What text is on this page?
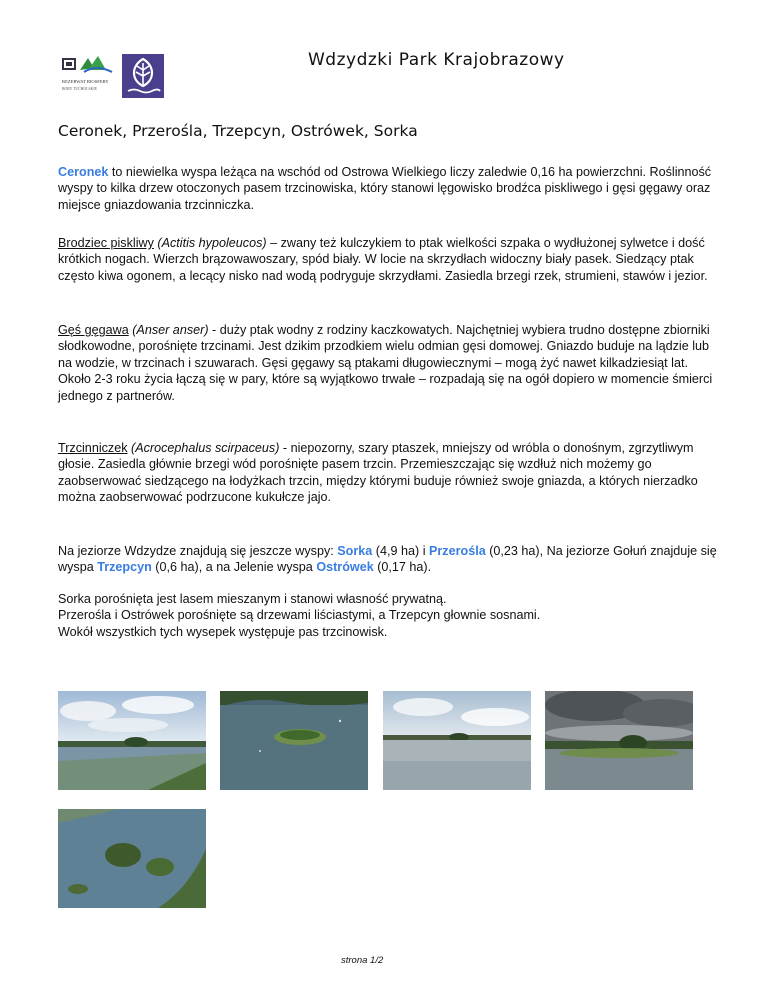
REZERWAT BIOSFERY
BORY TUCHOLSKIE
Wdzydzki Park Krajobrazowy
Ceronek, Przerośla, Trzepcyn, Ostrówek, Sorka
Ceronek to niewielka wyspa leżąca na wschód od Ostrowa Wielkiego liczy zaledwie 0,16 ha powierzchni. Roślinność wyspy to kilka drzew otoczonych pasem trzcinowiska, który stanowi lęgowisko brodźca piskliwego i gęsi gęgawy oraz miejsce gniazdowania trzcinniczka.
Brodziec piskliwy (Actitis hypoleucos) – zwany też kulczykiem to ptak wielkości szpaka o wydłużonej sylwetce i dość krótkich nogach. Wierzch brązowawoszary, spód biały. W locie na skrzydłach widoczny biały pasek. Siedzący ptak często kiwa ogonem, a lecący nisko nad wodą podryguje skrzydłami. Zasiedla brzegi rzek, strumieni, stawów i jezior.
Gęś gęgawa (Anser anser) - duży ptak wodny z rodziny kaczkowatych. Najchętniej wybiera trudno dostępne zbiorniki słodkowodne, porośnięte trzcinami. Jest dzikim przodkiem wielu odmian gęsi domowej. Gniazdo buduje na lądzie lub na wodzie, w trzcinach i szuwarach. Gęsi gęgawy są ptakami długowiecznymi – mogą żyć nawet kilkadziesiąt lat. Około 2-3 roku życia łączą się w pary, które są wyjątkowo trwałe – rozpadają się na ogół dopiero w momencie śmierci jednego z partnerów.
Trzcinniczek (Acrocephalus scirpaceus) - niepozorny, szary ptaszek, mniejszy od wróbla o donośnym, zgrzytliwym głosie. Zasiedla głównie brzegi wód porośnięte pasem trzcin. Przemieszczając się wzdłuż nich możemy go zaobserwować siedzącego na łodyżkach trzcin, między którymi buduje również swoje gniazda, a których nierzadko można zaobserwować podrzucone kukułcze jajo.
Na jeziorze Wdzydze znajdują się jeszcze wyspy: Sorka (4,9 ha) i Przerośla (0,23 ha), Na jeziorze Gołuń znajduje się wyspa Trzepcyn (0,6 ha), a na Jelenie wyspa Ostrówek (0,17 ha).
Sorka porośnięta jest lasem mieszanym i stanowi własność prywatną.
Przerośla i Ostrówek porośnięte są drzewami liściastymi, a Trzepcyn głownie sosnami.
Wokół wszystkich tych wysepek występuje pas trzcinowisk.
strona 1/2
